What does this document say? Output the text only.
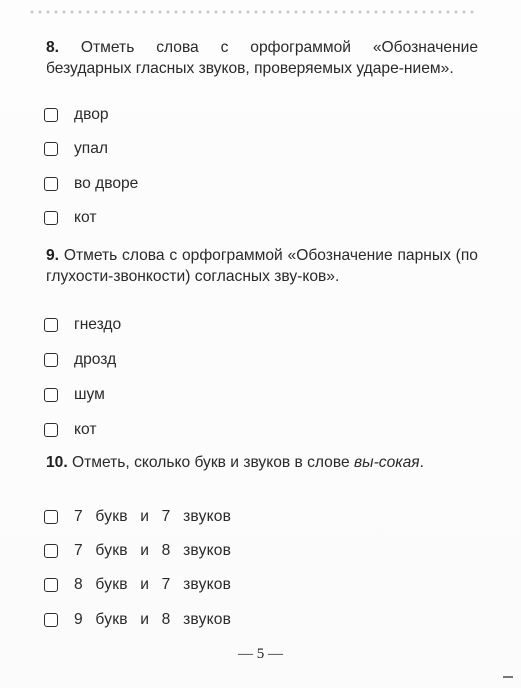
8. Отметь слова с орфограммой «Обозначение безударных гласных звуков, проверяемых ударе-нием».
двор
упал
во дворе
кот
9. Отметь слова с орфограммой «Обозначение парных (по глухости-звонкости) согласных зву-ков».
гнездо
дрозд
шум
кот
10. Отметь, сколько букв и звуков в слове вы-сокая.
7 букв и 7 звуков
7 букв и 8 звуков
8 букв и 7 звуков
9 букв и 8 звуков
— 5 —
